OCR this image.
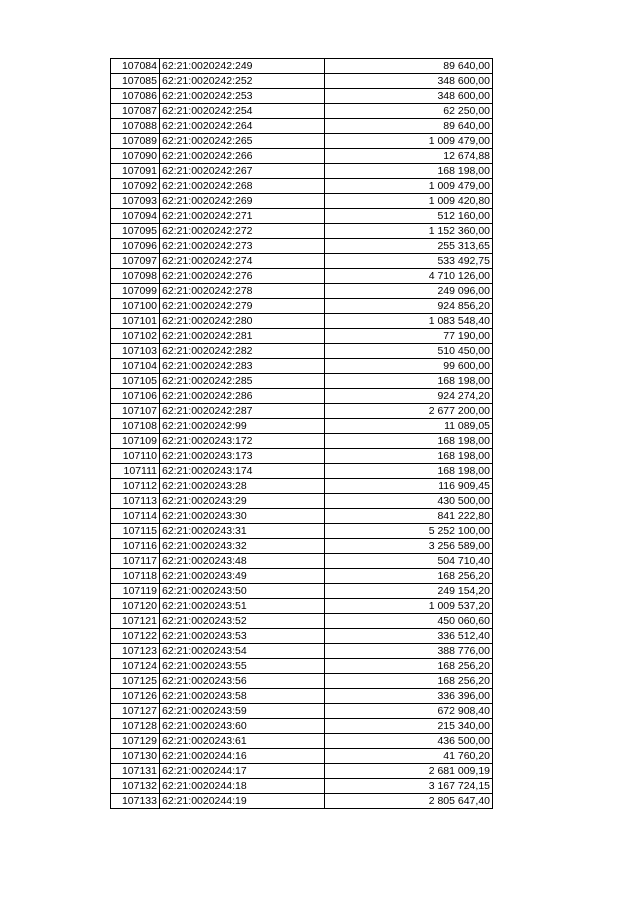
107084	62:21:0020242:249	89 640,00
107085	62:21:0020242:252	348 600,00
107086	62:21:0020242:253	348 600,00
107087	62:21:0020242:254	62 250,00
107088	62:21:0020242:264	89 640,00
107089	62:21:0020242:265	1 009 479,00
107090	62:21:0020242:266	12 674,88
107091	62:21:0020242:267	168 198,00
107092	62:21:0020242:268	1 009 479,00
107093	62:21:0020242:269	1 009 420,80
107094	62:21:0020242:271	512 160,00
107095	62:21:0020242:272	1 152 360,00
107096	62:21:0020242:273	255 313,65
107097	62:21:0020242:274	533 492,75
107098	62:21:0020242:276	4 710 126,00
107099	62:21:0020242:278	249 096,00
107100	62:21:0020242:279	924 856,20
107101	62:21:0020242:280	1 083 548,40
107102	62:21:0020242:281	77 190,00
107103	62:21:0020242:282	510 450,00
107104	62:21:0020242:283	99 600,00
107105	62:21:0020242:285	168 198,00
107106	62:21:0020242:286	924 274,20
107107	62:21:0020242:287	2 677 200,00
107108	62:21:0020242:99	11 089,05
107109	62:21:0020243:172	168 198,00
107110	62:21:0020243:173	168 198,00
107111	62:21:0020243:174	168 198,00
107112	62:21:0020243:28	116 909,45
107113	62:21:0020243:29	430 500,00
107114	62:21:0020243:30	841 222,80
107115	62:21:0020243:31	5 252 100,00
107116	62:21:0020243:32	3 256 589,00
107117	62:21:0020243:48	504 710,40
107118	62:21:0020243:49	168 256,20
107119	62:21:0020243:50	249 154,20
107120	62:21:0020243:51	1 009 537,20
107121	62:21:0020243:52	450 060,60
107122	62:21:0020243:53	336 512,40
107123	62:21:0020243:54	388 776,00
107124	62:21:0020243:55	168 256,20
107125	62:21:0020243:56	168 256,20
107126	62:21:0020243:58	336 396,00
107127	62:21:0020243:59	672 908,40
107128	62:21:0020243:60	215 340,00
107129	62:21:0020243:61	436 500,00
107130	62:21:0020244:16	41 760,20
107131	62:21:0020244:17	2 681 009,19
107132	62:21:0020244:18	3 167 724,15
107133	62:21:0020244:19	2 805 647,40
